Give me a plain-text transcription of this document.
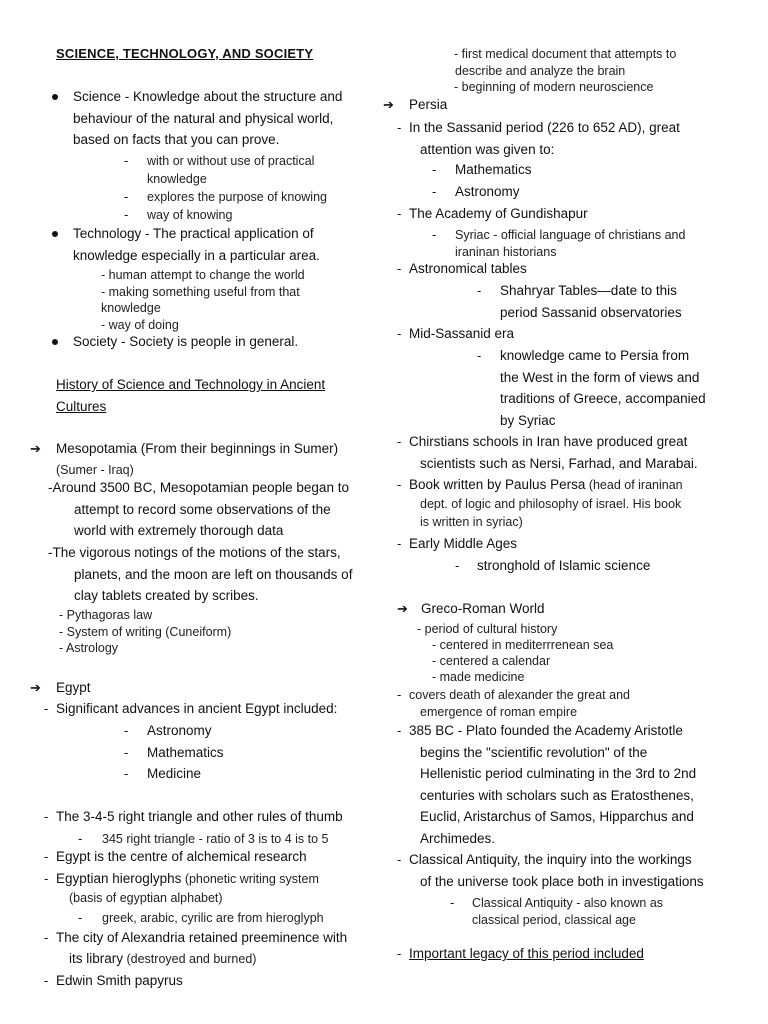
SCIENCE, TECHNOLOGY, AND SOCIETY
Science - Knowledge about the structure and
behaviour of the natural and physical world,
based on facts that you can prove.
- with or without use of practical
knowledge
- explores the purpose of knowing
- way of knowing
Technology - The practical application of
knowledge especially in a particular area.
- human attempt to change the world
- making something useful from that
knowledge
- way of doing
Society - Society is people in general.
History of Science and Technology in Ancient
Cultures
➔ Mesopotamia (From their beginnings in Sumer)
(Sumer - Iraq)
-Around 3500 BC, Mesopotamian people began to
attempt to record some observations of the
world with extremely thorough data
-The vigorous notings of the motions of the stars,
planets, and the moon are left on thousands of
clay tablets created by scribes.
- Pythagoras law
- System of writing (Cuneiform)
- Astrology
➔ Egypt
- Significant advances in ancient Egypt included:
- Astronomy
- Mathematics
- Medicine
- The 3-4-5 right triangle and other rules of thumb
- 345 right triangle - ratio of 3 is to 4 is to 5
- Egypt is the centre of alchemical research
- Egyptian hieroglyphs (phonetic writing system
(basis of egyptian alphabet)
- greek, arabic, cyrilic are from hieroglyph
- The city of Alexandria retained preeminence with
its library (destroyed and burned)
- Edwin Smith papyrus
- first medical document that attempts to
describe and analyze the brain
- beginning of modern neuroscience
➔ Persia
- In the Sassanid period (226 to 652 AD), great
attention was given to:
- Mathematics
- Astronomy
- The Academy of Gundishapur
- Syriac - official language of christians and
iraninan historians
- Astronomical tables
- Shahryar Tables—date to this
period Sassanid observatories
- Mid-Sassanid era
- knowledge came to Persia from
the West in the form of views and
traditions of Greece, accompanied
by Syriac
- Chirstians schools in Iran have produced great
scientists such as Nersi, Farhad, and Marabai.
- Book written by Paulus Persa (head of iraninan
dept. of logic and philosophy of israel. His book
is written in syriac)
- Early Middle Ages
- stronghold of Islamic science
➔ Greco-Roman World
- period of cultural history
- centered in mediterrrenean sea
- centered a calendar
- made medicine
- covers death of alexander the great and
emergence of roman empire
- 385 BC - Plato founded the Academy Aristotle
begins the "scientific revolution" of the
Hellenistic period culminating in the 3rd to 2nd
centuries with scholars such as Eratosthenes,
Euclid, Aristarchus of Samos, Hipparchus and
Archimedes.
- Classical Antiquity, the inquiry into the workings
of the universe took place both in investigations
- Classical Antiquity - also known as
classical period, classical age
- Important legacy of this period included
